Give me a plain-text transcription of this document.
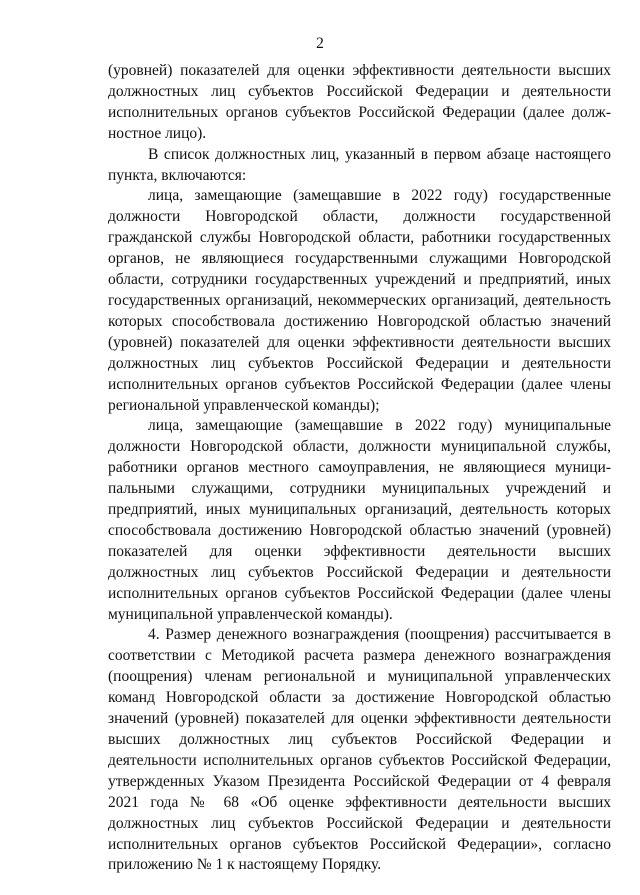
2

(уровней) показателей для оценки эффективности деятельности высших должностных лиц субъектов Российской Федерации и деятельности исполнительных органов субъектов Российской Федерации (далее должностное лицо).

В список должностных лиц, указанный в первом абзаце настоящего пункта, включаются:

лица, замещающие (замещавшие в 2022 году) государственные должности Новгородской области, должности государственной гражданской службы Новгородской области, работники государственных органов, не являющиеся государственными служащими Новгородской области, сотрудники государственных учреждений и предприятий, иных государственных организаций, некоммерческих организаций, деятельность которых способствовала достижению Новгородской областью значений (уровней) показателей для оценки эффективности деятельности высших должностных лиц субъектов Российской Федерации и деятельности исполнительных органов субъектов Российской Федерации (далее члены региональной управленческой команды);

лица, замещающие (замещавшие в 2022 году) муниципальные должности Новгородской области, должности муниципальной службы, работники органов местного самоуправления, не являющиеся муниципальными служащими, сотрудники муниципальных учреждений и предприятий, иных муниципальных организаций, деятельность которых способствовала достижению Новгородской областью значений (уровней) показателей для оценки эффективности деятельности высших должностных лиц субъектов Российской Федерации и деятельности исполнительных органов субъектов Российской Федерации (далее члены муниципальной управленческой команды).

4. Размер денежного вознаграждения (поощрения) рассчитывается в соответствии с Методикой расчета размера денежного вознаграждения (поощрения) членам региональной и муниципальной управленческих команд Новгородской области за достижение Новгородской областью значений (уровней) показателей для оценки эффективности деятельности высших должностных лиц субъектов Российской Федерации и деятельности исполнительных органов субъектов Российской Федерации, утвержденных Указом Президента Российской Федерации от 4 февраля 2021 года № 68 «Об оценке эффективности деятельности высших должностных лиц субъектов Российской Федерации и деятельности исполнительных органов субъектов Российской Федерации», согласно приложению № 1 к настоящему Порядку.
